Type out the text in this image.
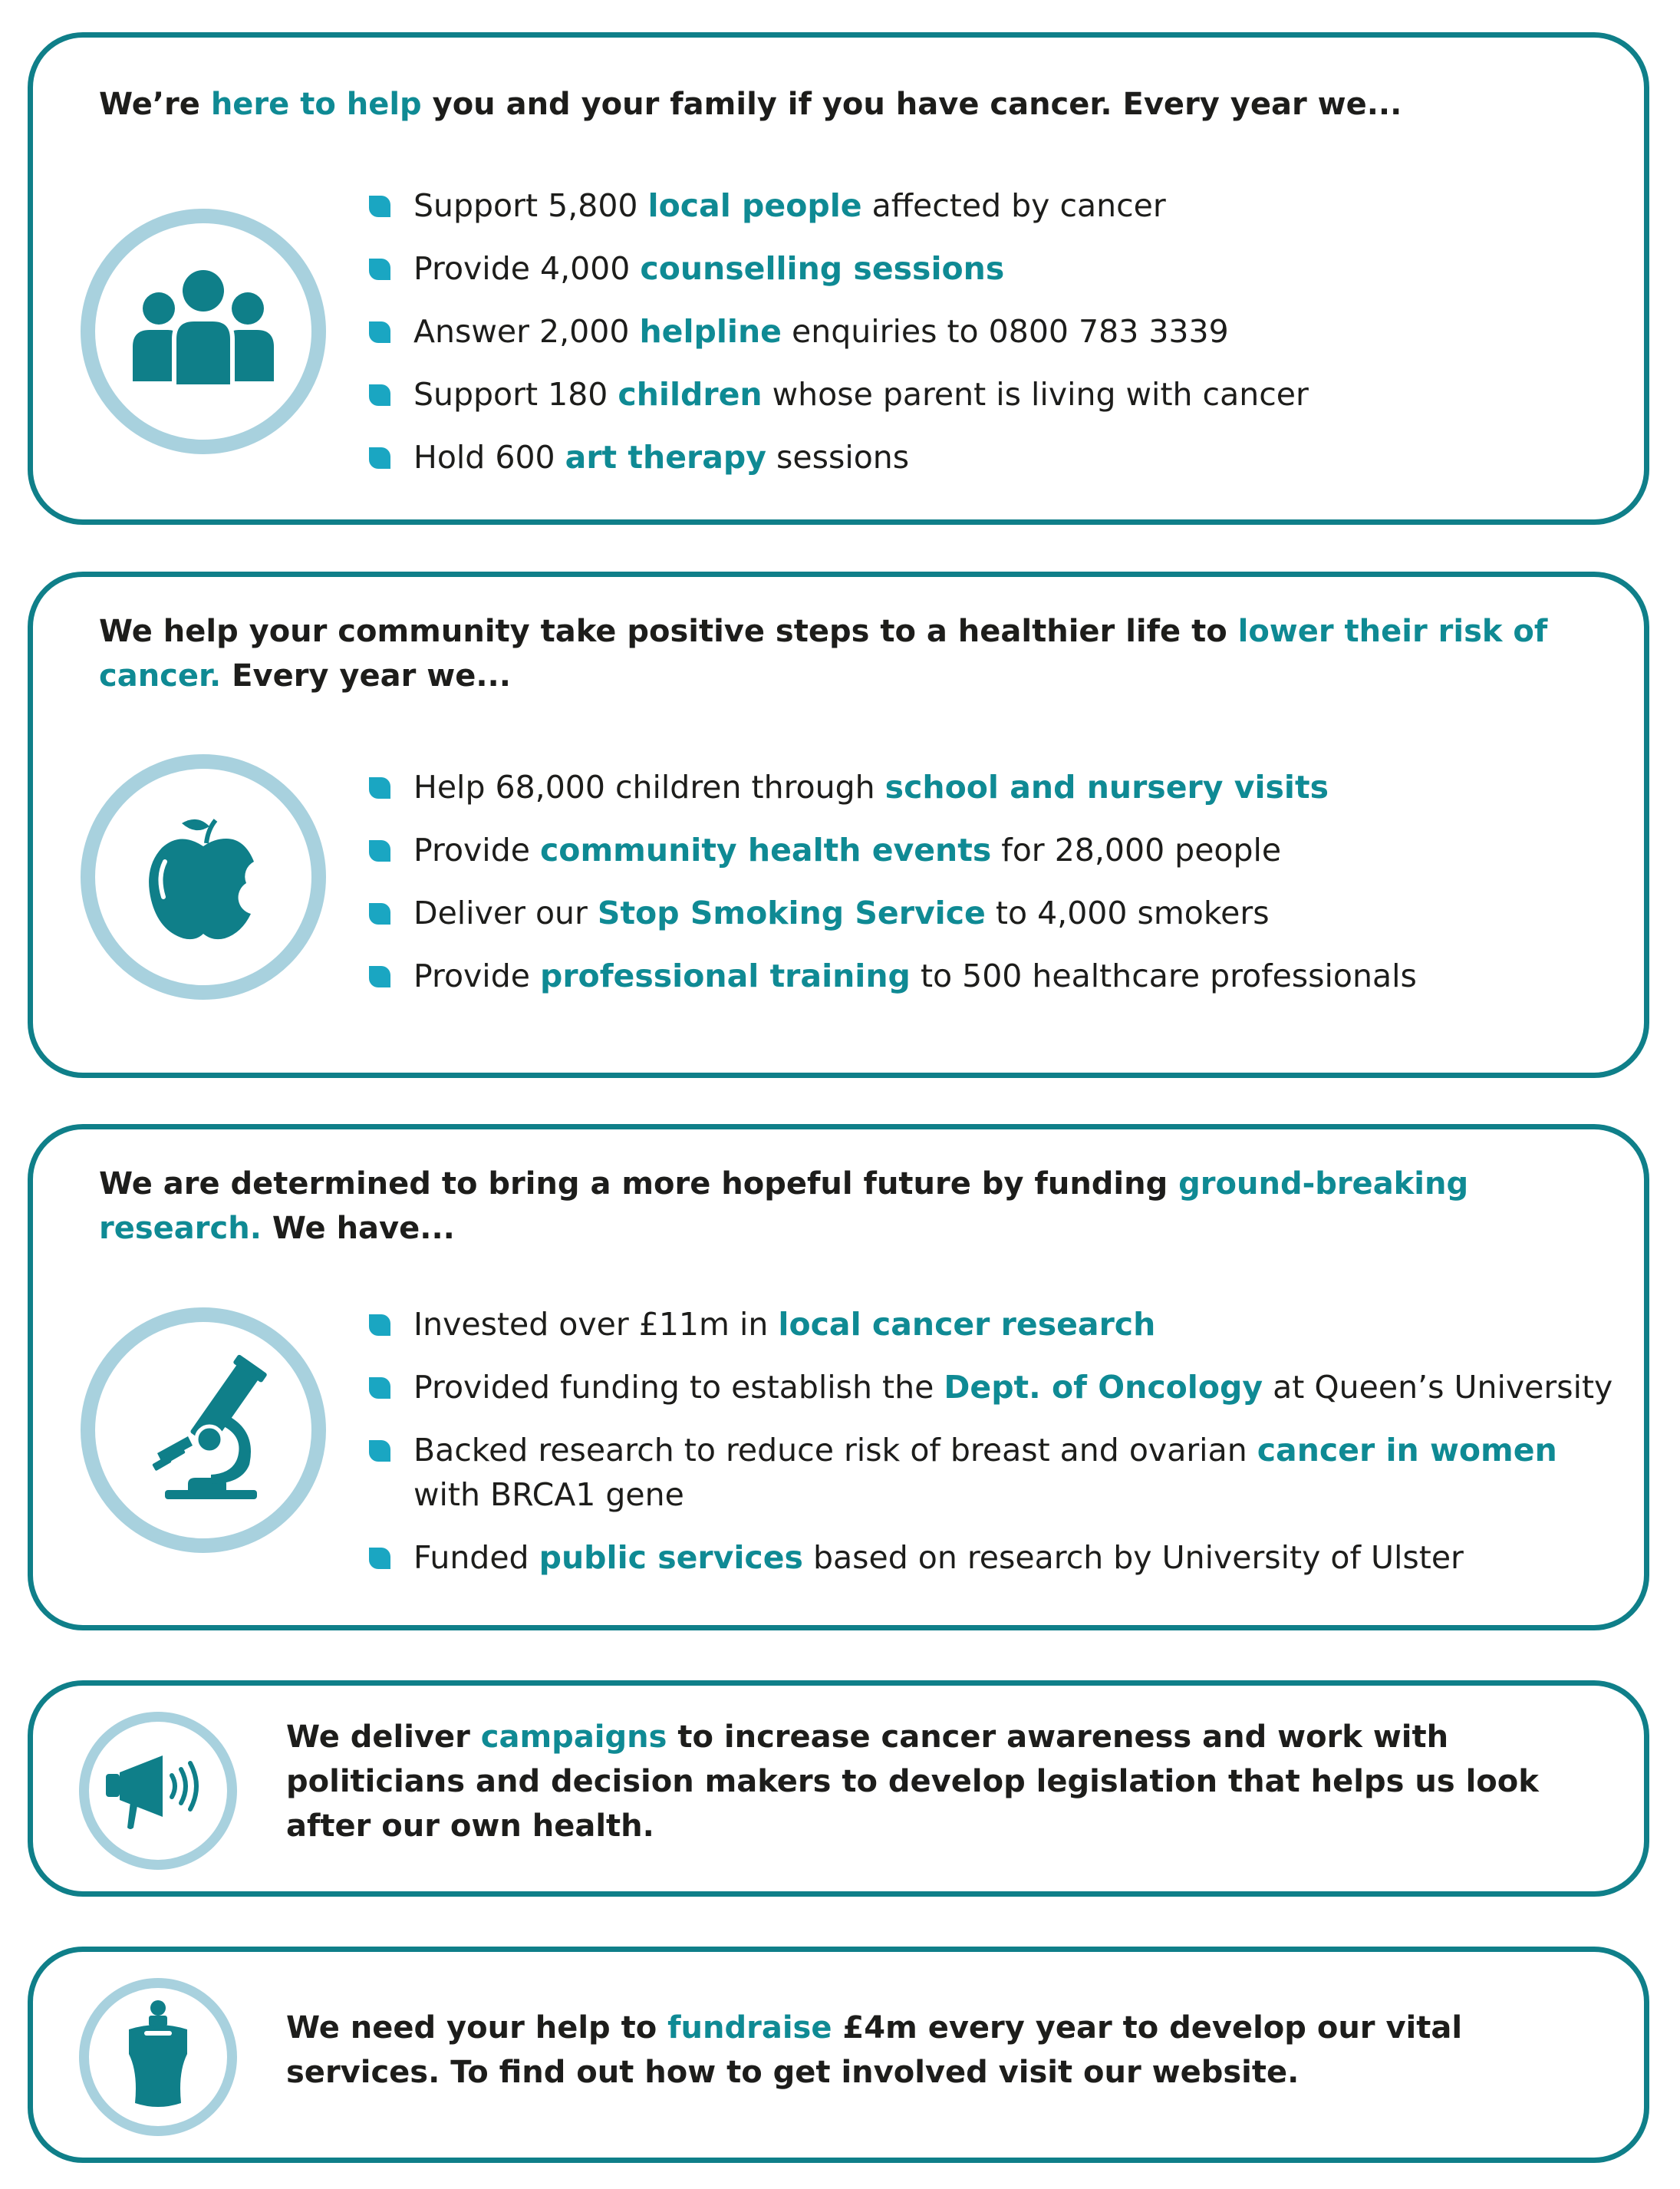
We’re here to help you and your family if you have cancer. Every year we...
Support 5,800 local people affected by cancer
Provide 4,000 counselling sessions
Answer 2,000 helpline enquiries to 0800 783 3339
Support 180 children whose parent is living with cancer
Hold 600 art therapy sessions
We help your community take positive steps to a healthier life to lower their risk of cancer. Every year we...
Help 68,000 children through school and nursery visits
Provide community health events for 28,000 people
Deliver our Stop Smoking Service to 4,000 smokers
Provide professional training to 500 healthcare professionals
We are determined to bring a more hopeful future by funding ground-breaking research. We have...
Invested over £11m in local cancer research
Provided funding to establish the Dept. of Oncology at Queen’s University
Backed research to reduce risk of breast and ovarian cancer in women with BRCA1 gene
Funded public services based on research by University of Ulster
We deliver campaigns to increase cancer awareness and work with politicians and decision makers to develop legislation that helps us look after our own health.
We need your help to fundraise £4m every year to develop our vital services. To find out how to get involved visit our website.
